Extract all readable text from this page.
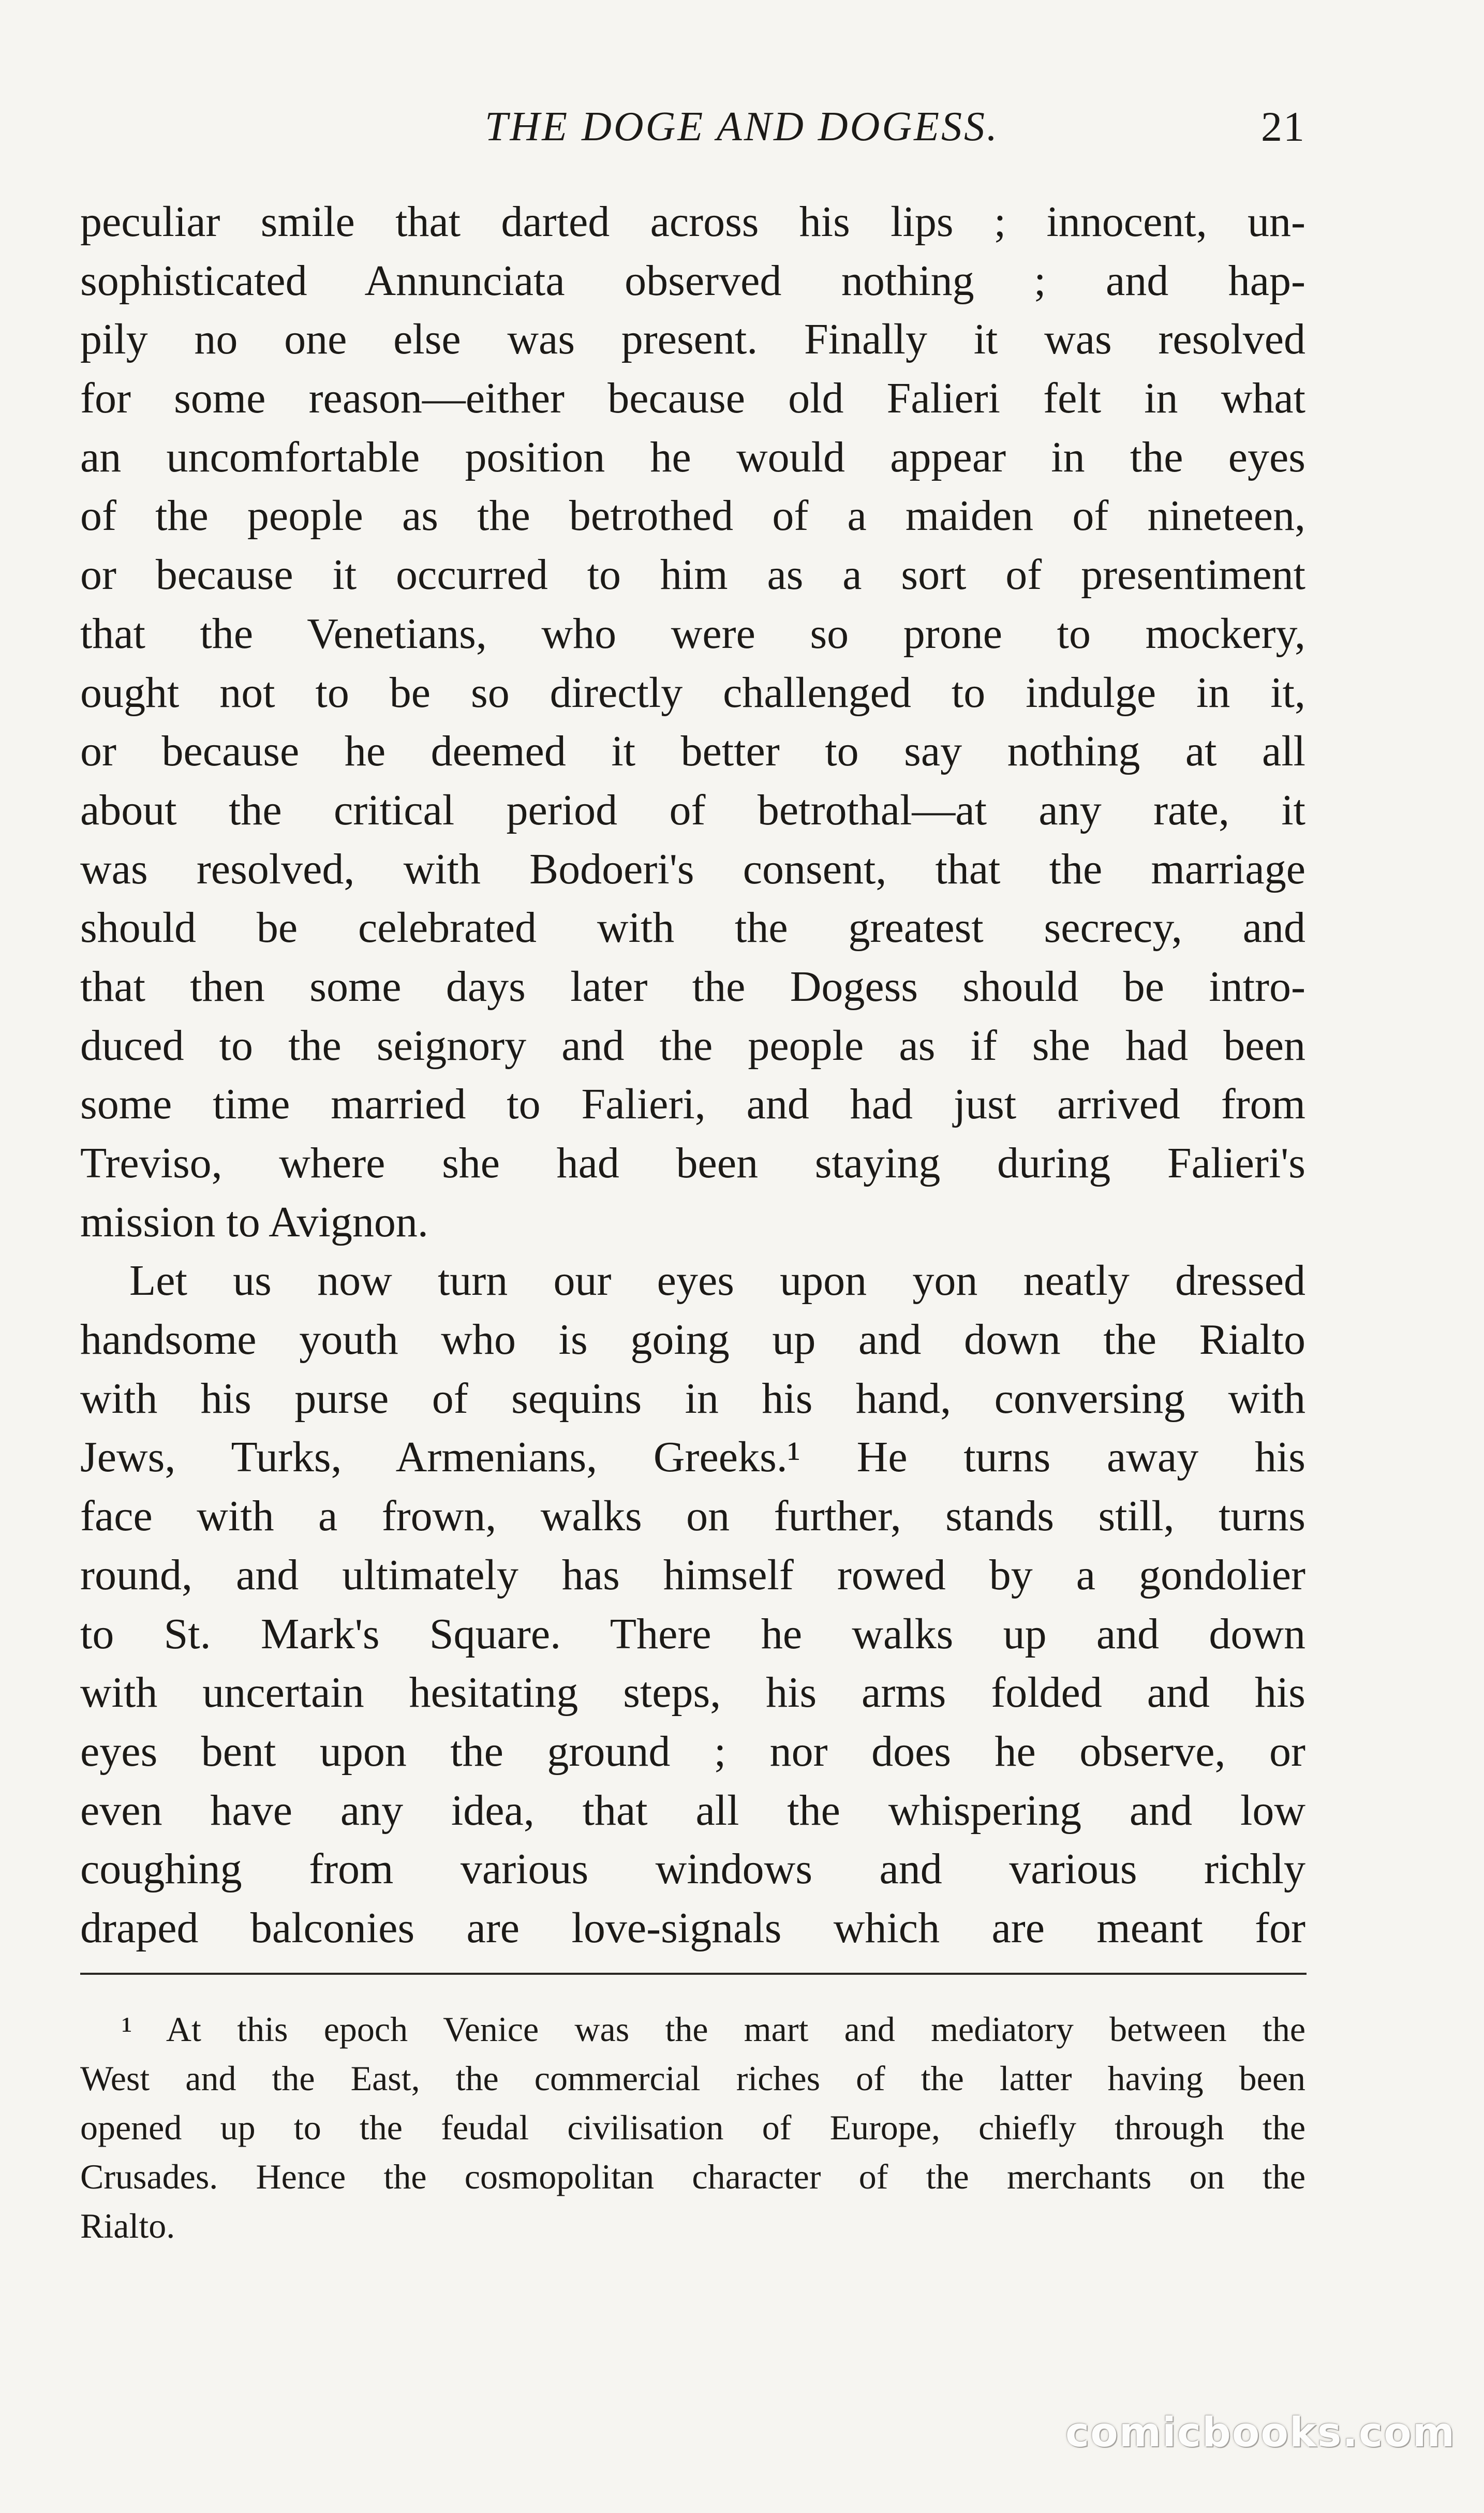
THE DOGE AND DOGESS.	21
peculiar smile that darted across his lips ; innocent, un-
sophisticated Annunciata observed nothing ; and hap-
pily no one else was present. Finally it was resolved
for some reason—either because old Falieri felt in what
an uncomfortable position he would appear in the eyes
of the people as the betrothed of a maiden of nineteen,
or because it occurred to him as a sort of presentiment
that the Venetians, who were so prone to mockery,
ought not to be so directly challenged to indulge in it,
or because he deemed it better to say nothing at all
about the critical period of betrothal—at any rate, it
was resolved, with Bodoeri's consent, that the marriage
should be celebrated with the greatest secrecy, and
that then some days later the Dogess should be intro-
duced to the seignory and the people as if she had been
some time married to Falieri, and had just arrived from
Treviso, where she had been staying during Falieri's
mission to Avignon.
Let us now turn our eyes upon yon neatly dressed
handsome youth who is going up and down the Rialto
with his purse of sequins in his hand, conversing with
Jews, Turks, Armenians, Greeks.¹ He turns away his
face with a frown, walks on further, stands still, turns
round, and ultimately has himself rowed by a gondolier
to St. Mark's Square. There he walks up and down
with uncertain hesitating steps, his arms folded and his
eyes bent upon the ground ; nor does he observe, or
even have any idea, that all the whispering and low
coughing from various windows and various richly
draped balconies are love-signals which are meant for
¹ At this epoch Venice was the mart and mediatory between the
West and the East, the commercial riches of the latter having been
opened up to the feudal civilisation of Europe, chiefly through the
Crusades. Hence the cosmopolitan character of the merchants on the
Rialto.
comicbooks.com
